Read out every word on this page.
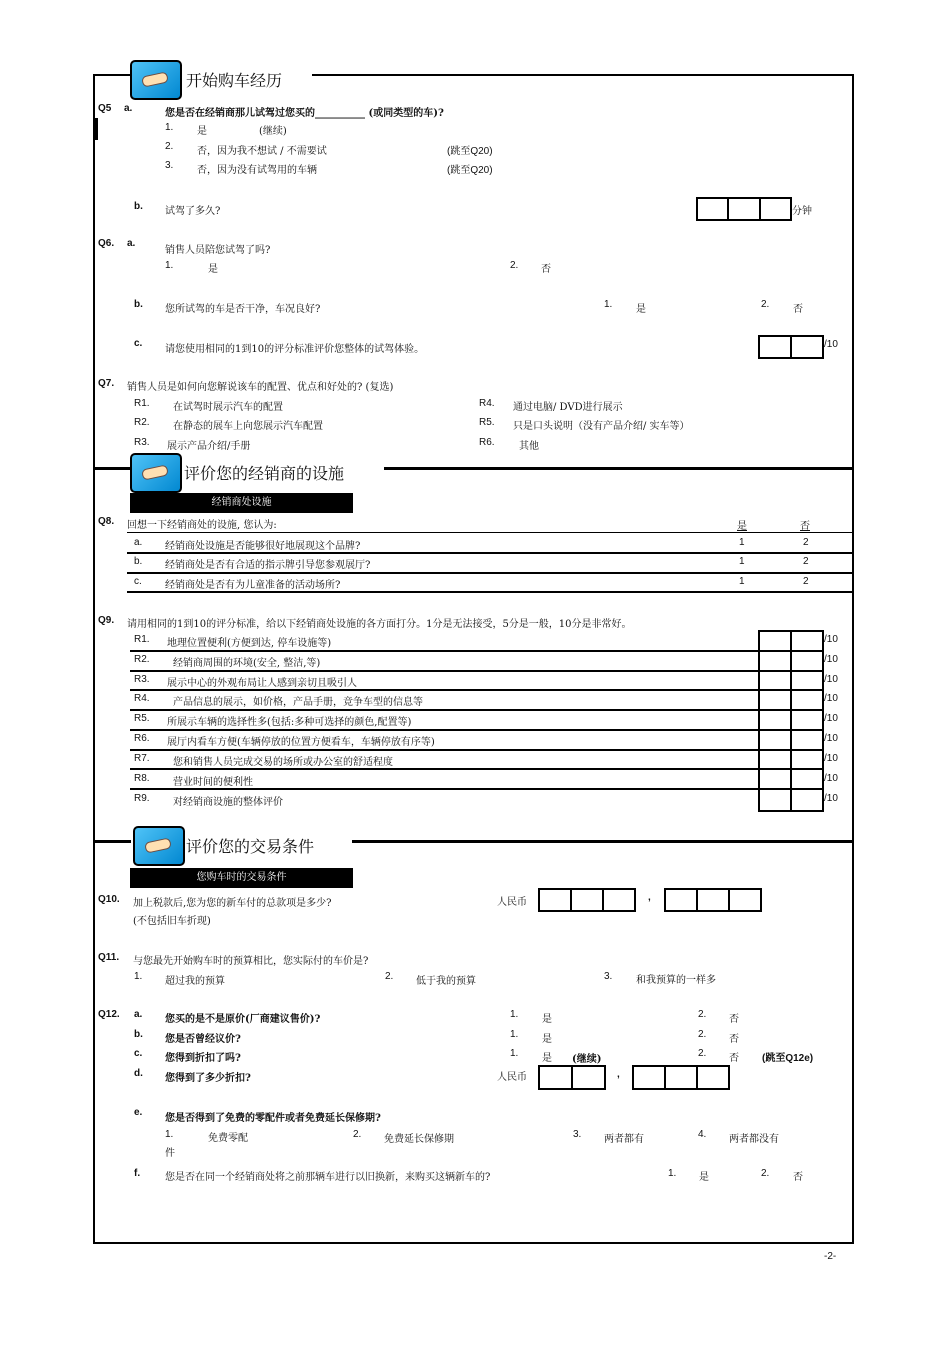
开始购车经历
Q5 a.	您是否在经销商那儿试驾过您买的__________ (或同类型的车)?
1. 是	(继续)
2. 否，因为我不想试 / 不需要试	(跳至Q20)
3. 否，因为没有试驾用的车辆	(跳至Q20)
b. 试驾了多久?	分钟
Q6. a.
销售人员陪您试驾了吗?
1.	是	2. 否
b. 您所试驾的车是否干净，车况良好?	1. 是	2. 否
c.
请您使用相同的1到10的评分标准评价您整体的试驾体验。	/10
Q7. 销售人员是如何向您解说该车的配置、优点和好处的? (复选)
R1. 在试驾时展示汽车的配置
R2. 在静态的展车上向您展示汽车配置
R3. 展示产品介绍/手册
R4. 通过电脑/ DVD进行展示
R5. 只是口头说明（没有产品介绍/ 实车等）
R6. 其他
评价您的经销商的设施
经销商处设施
Q8. 回想一下经销商处的设施, 您认为:	是	否
a. 经销商处设施是否能够很好地展现这个品牌?	1	2
b. 经销商处是否有合适的指示牌引导您参观展厅?	1	2
c. 经销商处是否有为儿童准备的活动场所?	1	2
Q9. 请用相同的1到10的评分标准，给以下经销商处设施的各方面打分。1分是无法接受，5分是一般，10分是非常好。
R1. 地理位置便利(方便到达, 停车设施等)	/10
R2. 经销商周围的环境(安全, 整洁,等)	/10
R3. 展示中心的外观布局让人感到亲切且吸引人	/10
R4. 产品信息的展示，如价格，产品手册，竞争车型的信息等	/10
R5. 所展示车辆的选择性多(包括:多种可选择的颜色,配置等)	/10
R6. 展厅内看车方便(车辆停放的位置方便看车，车辆停放有序等)	/10
R7. 您和销售人员完成交易的场所或办公室的舒适程度	/10
R8. 营业时间的便利性	/10
R9. 对经销商设施的整体评价	/10
评价您的交易条件
您购车时的交易条件
Q10. 加上税款后,您为您的新车付的总款项是多少?
(不包括旧车折现)
人民币	,
Q11. 与您最先开始购车时的预算相比，您实际付的车价是?
1. 超过我的预算	2. 低于我的预算	3. 和我预算的一样多
Q12. a. 您买的是不是原价(厂商建议售价)?	1. 是	2. 否
b. 您是否曾经议价?	1. 是	2. 否
c. 您得到折扣了吗?	1. 是 (继续)
2. 否 (跳至Q12e)
d. 您得到了多少折扣?	人民币	,
e.
您是否得到了免费的零配件或者免费延长保修期?
1.	免费零配
件
2. 免费延长保修期	3. 两者都有	4. 两者都没有
f. 您是否在同一个经销商处将之前那辆车进行以旧换新，来购买这辆新车的?	1. 是	2. 否
-2-
